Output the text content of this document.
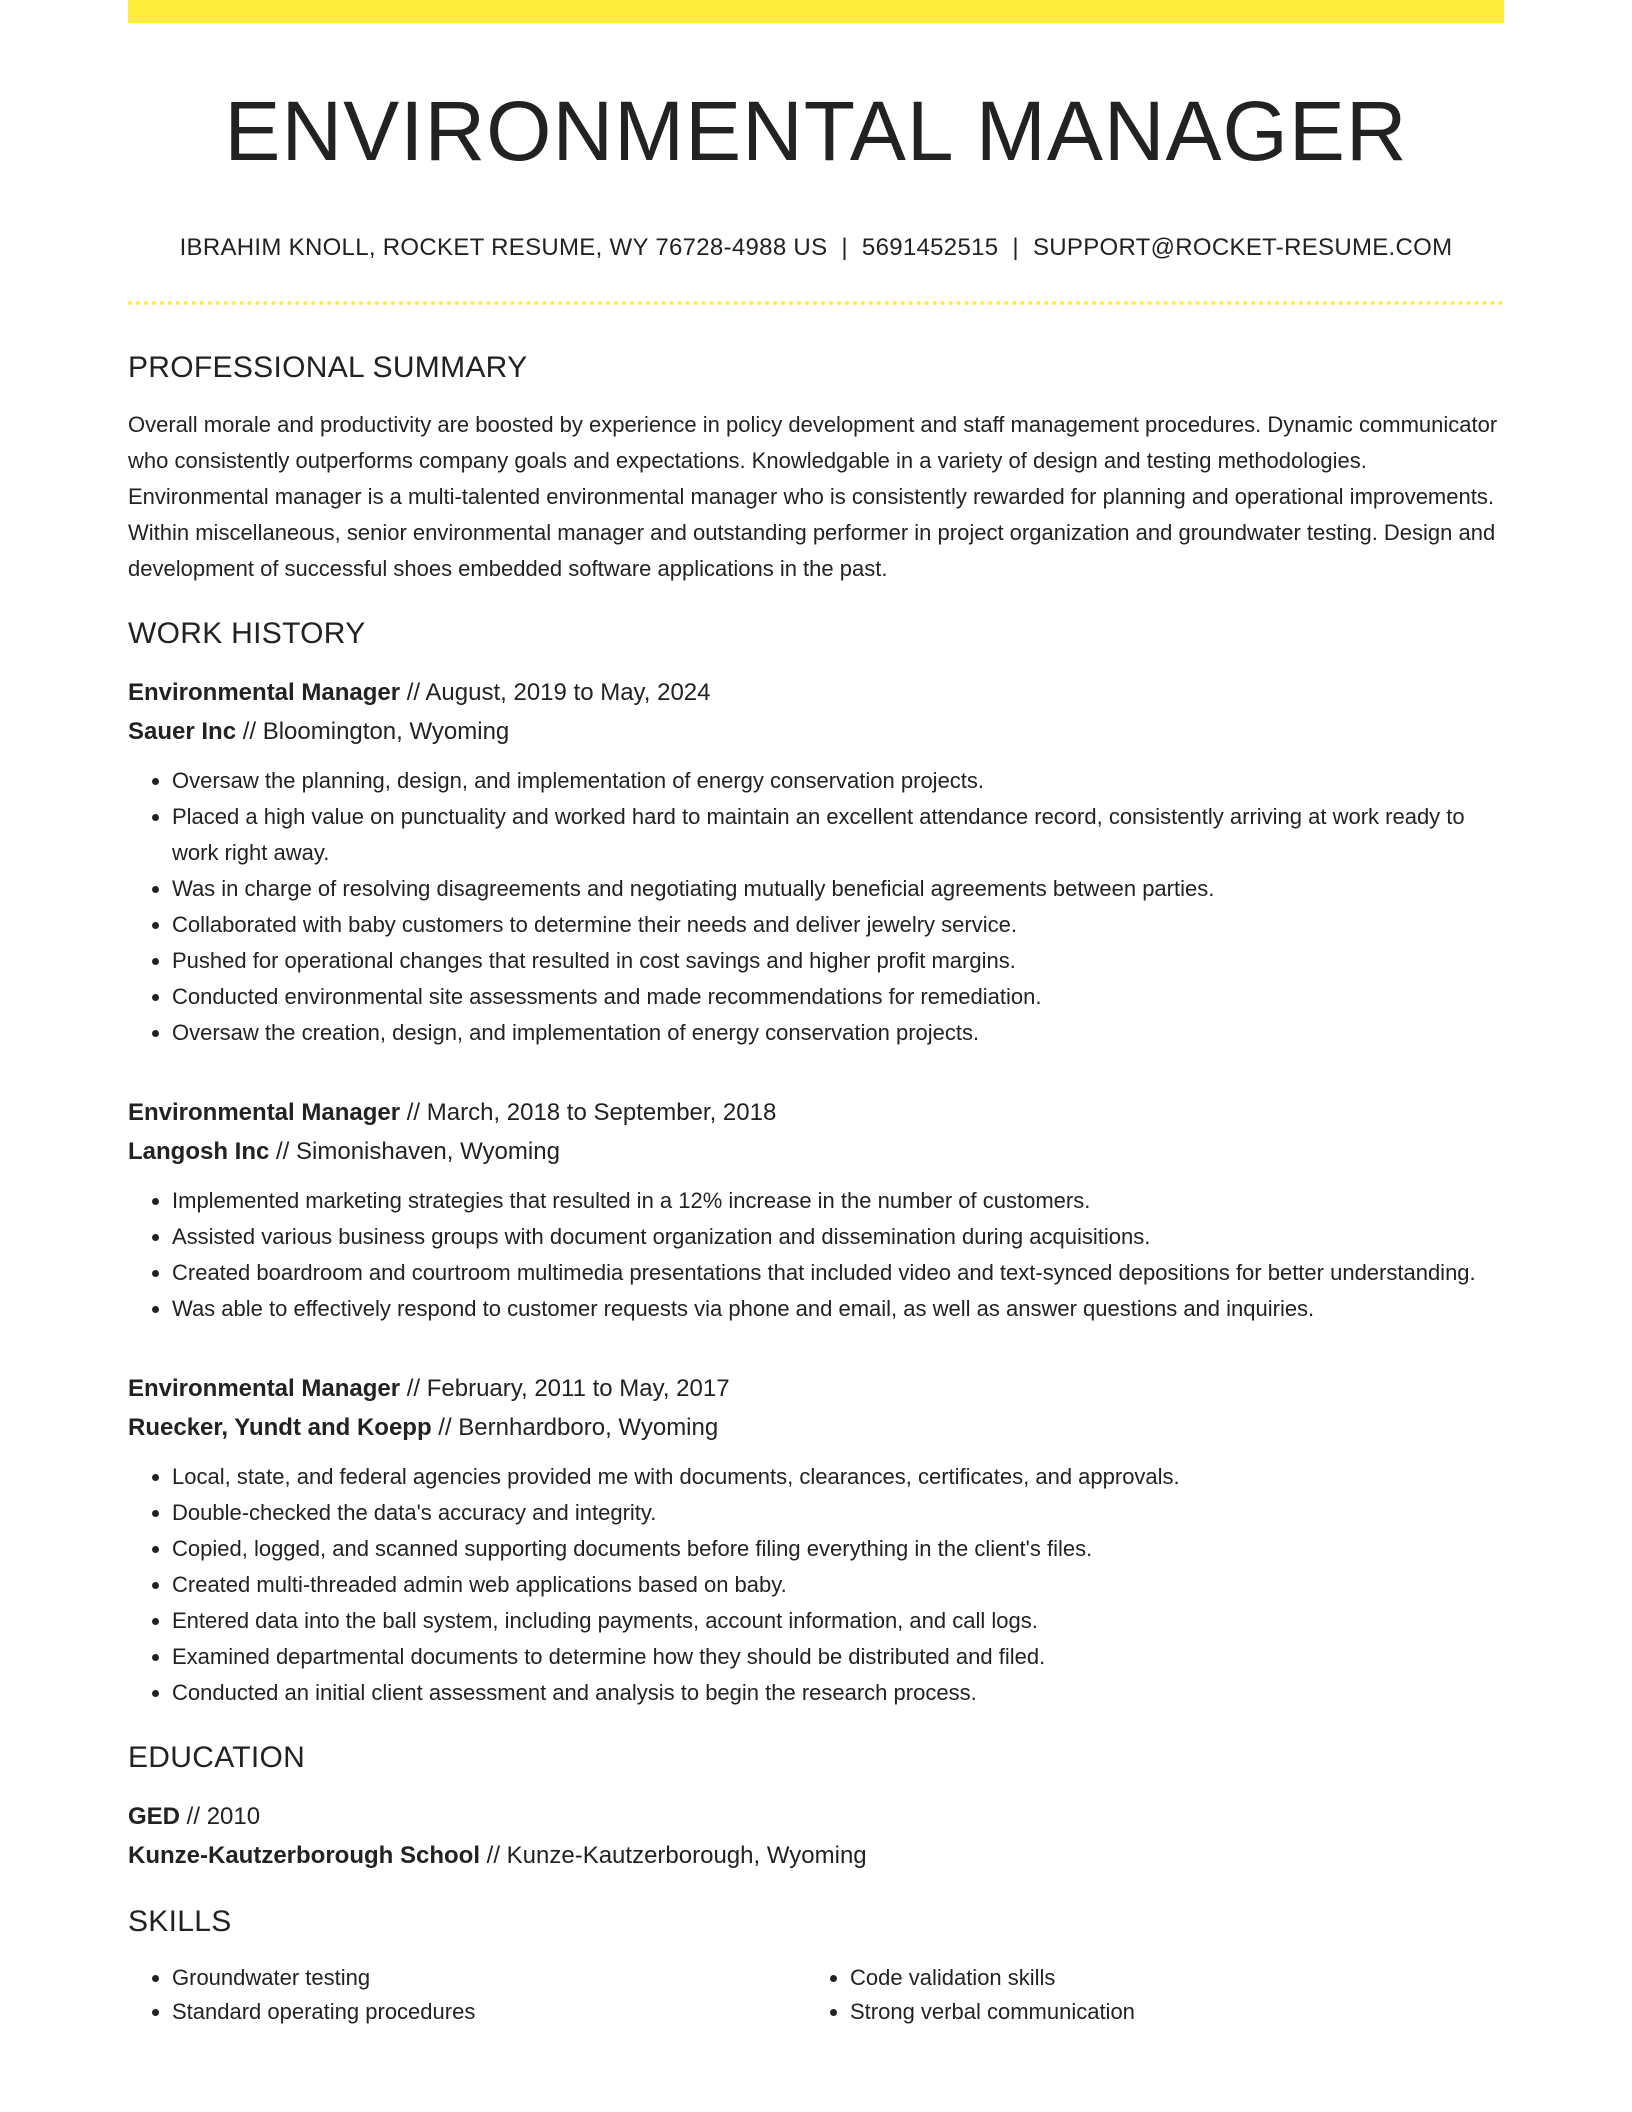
ENVIRONMENTAL MANAGER
IBRAHIM KNOLL, ROCKET RESUME, WY 76728-4988 US | 5691452515 | SUPPORT@ROCKET-RESUME.COM
PROFESSIONAL SUMMARY
Overall morale and productivity are boosted by experience in policy development and staff management procedures. Dynamic communicator who consistently outperforms company goals and expectations. Knowledgable in a variety of design and testing methodologies. Environmental manager is a multi-talented environmental manager who is consistently rewarded for planning and operational improvements. Within miscellaneous, senior environmental manager and outstanding performer in project organization and groundwater testing. Design and development of successful shoes embedded software applications in the past.
WORK HISTORY
Environmental Manager // August, 2019 to May, 2024
Sauer Inc // Bloomington, Wyoming
• Oversaw the planning, design, and implementation of energy conservation projects.
• Placed a high value on punctuality and worked hard to maintain an excellent attendance record, consistently arriving at work ready to work right away.
• Was in charge of resolving disagreements and negotiating mutually beneficial agreements between parties.
• Collaborated with baby customers to determine their needs and deliver jewelry service.
• Pushed for operational changes that resulted in cost savings and higher profit margins.
• Conducted environmental site assessments and made recommendations for remediation.
• Oversaw the creation, design, and implementation of energy conservation projects.
Environmental Manager // March, 2018 to September, 2018
Langosh Inc // Simonishaven, Wyoming
• Implemented marketing strategies that resulted in a 12% increase in the number of customers.
• Assisted various business groups with document organization and dissemination during acquisitions.
• Created boardroom and courtroom multimedia presentations that included video and text-synced depositions for better understanding.
• Was able to effectively respond to customer requests via phone and email, as well as answer questions and inquiries.
Environmental Manager // February, 2011 to May, 2017
Ruecker, Yundt and Koepp // Bernhardboro, Wyoming
• Local, state, and federal agencies provided me with documents, clearances, certificates, and approvals.
• Double-checked the data's accuracy and integrity.
• Copied, logged, and scanned supporting documents before filing everything in the client's files.
• Created multi-threaded admin web applications based on baby.
• Entered data into the ball system, including payments, account information, and call logs.
• Examined departmental documents to determine how they should be distributed and filed.
• Conducted an initial client assessment and analysis to begin the research process.
EDUCATION
GED // 2010
Kunze-Kautzerborough School // Kunze-Kautzerborough, Wyoming
SKILLS
• Groundwater testing
• Standard operating procedures
• Code validation skills
• Strong verbal communication
